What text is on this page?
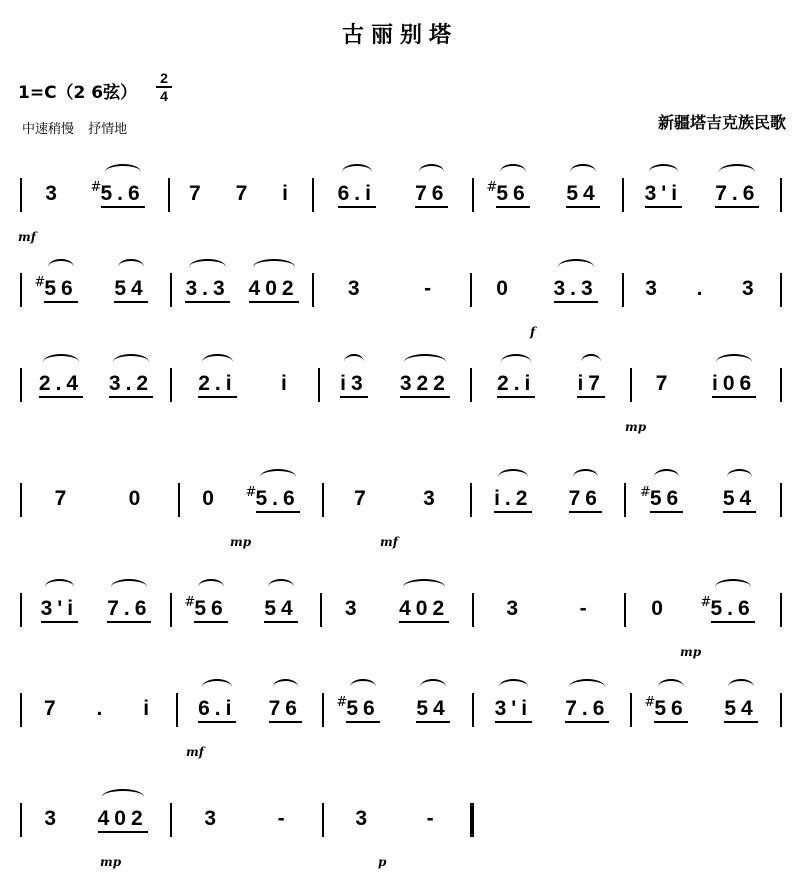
古丽别塔
1=C（2 6弦）
2
4
中速稍慢 抒情地	新疆塔吉克族民歌
3 # 5.6 7 7 i 6.i 76	# 56 54 3'i 7.6
mf
# 56 54 3.3 402 3	-	0 3.3 3 . 3
f
2.4 3.2 2.i i i3 322 2.i i7 7 i06
mp
7	0	0 # 5.6	7 3	i.2 76	# 56 54
mp	mf
3'i 7.6	# 56 54 3 402	3	-	0	# 5.6
mp
7 . i 6.i 76	# 56 54 3'i 7.6	# 56 54
mf
3 402	3	-	3	-
mp	p
